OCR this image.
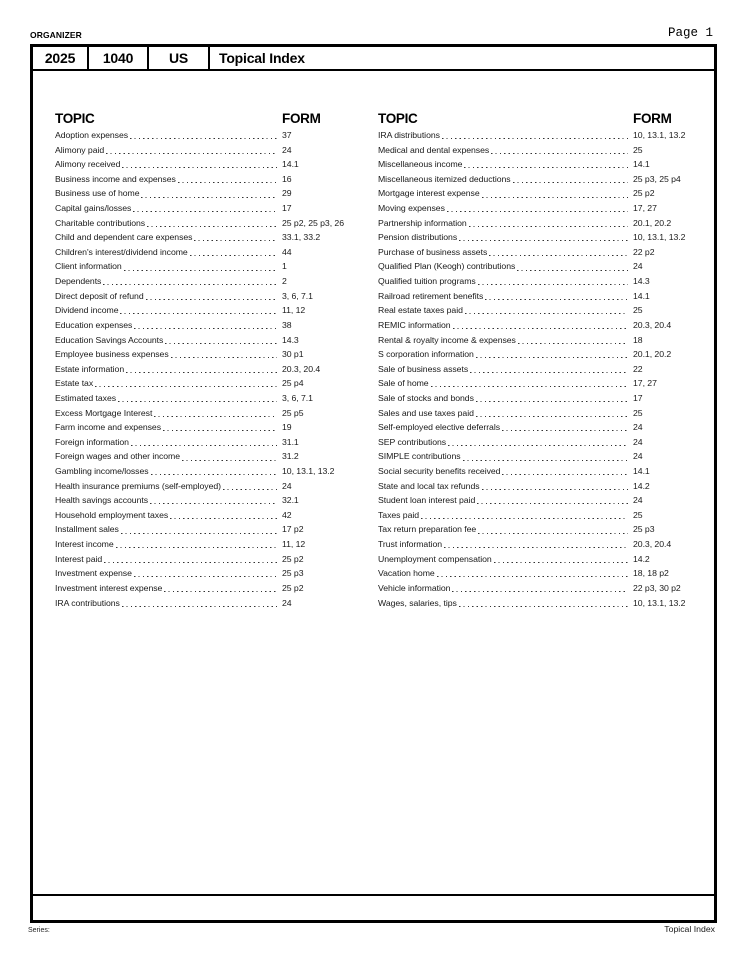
ORGANIZER	Page 1
2025	1040	US	Topical Index
TOPIC	FORM
Adoption expenses	37
Alimony paid	24
Alimony received	14.1
Business income and expenses	16
Business use of home	29
Capital gains/losses	17
Charitable contributions	25 p2, 25 p3, 26
Child and dependent care expenses	33.1, 33.2
Children's interest/dividend income	44
Client information	1
Dependents	2
Direct deposit of refund	3, 6, 7.1
Dividend income	11, 12
Education expenses	38
Education Savings Accounts	14.3
Employee business expenses	30 p1
Estate information	20.3, 20.4
Estate tax	25 p4
Estimated taxes	3, 6, 7.1
Excess Mortgage Interest	25 p5
Farm income and expenses	19
Foreign information	31.1
Foreign wages and other income	31.2
Gambling income/losses	10, 13.1, 13.2
Health insurance premiums (self-employed)	24
Health savings accounts	32.1
Household employment taxes	42
Installment sales	17 p2
Interest income	11, 12
Interest paid	25 p2
Investment expense	25 p3
Investment interest expense	25 p2
IRA contributions	24
TOPIC	FORM
IRA distributions	10, 13.1, 13.2
Medical and dental expenses	25
Miscellaneous income	14.1
Miscellaneous itemized deductions	25 p3, 25 p4
Mortgage interest expense	25 p2
Moving expenses	17, 27
Partnership information	20.1, 20.2
Pension distributions	10, 13.1, 13.2
Purchase of business assets	22 p2
Qualified Plan (Keogh) contributions	24
Qualified tuition programs	14.3
Railroad retirement benefits	14.1
Real estate taxes paid	25
REMIC information	20.3, 20.4
Rental & royalty income & expenses	18
S corporation information	20.1, 20.2
Sale of business assets	22
Sale of home	17, 27
Sale of stocks and bonds	17
Sales and use taxes paid	25
Self-employed elective deferrals	24
SEP contributions	24
SIMPLE contributions	24
Social security benefits received	14.1
State and local tax refunds	14.2
Student loan interest paid	24
Taxes paid	25
Tax return preparation fee	25 p3
Trust information	20.3, 20.4
Unemployment compensation	14.2
Vacation home	18, 18 p2
Vehicle information	22 p3, 30 p2
Wages, salaries, tips	10, 13.1, 13.2
Series:	Topical Index
